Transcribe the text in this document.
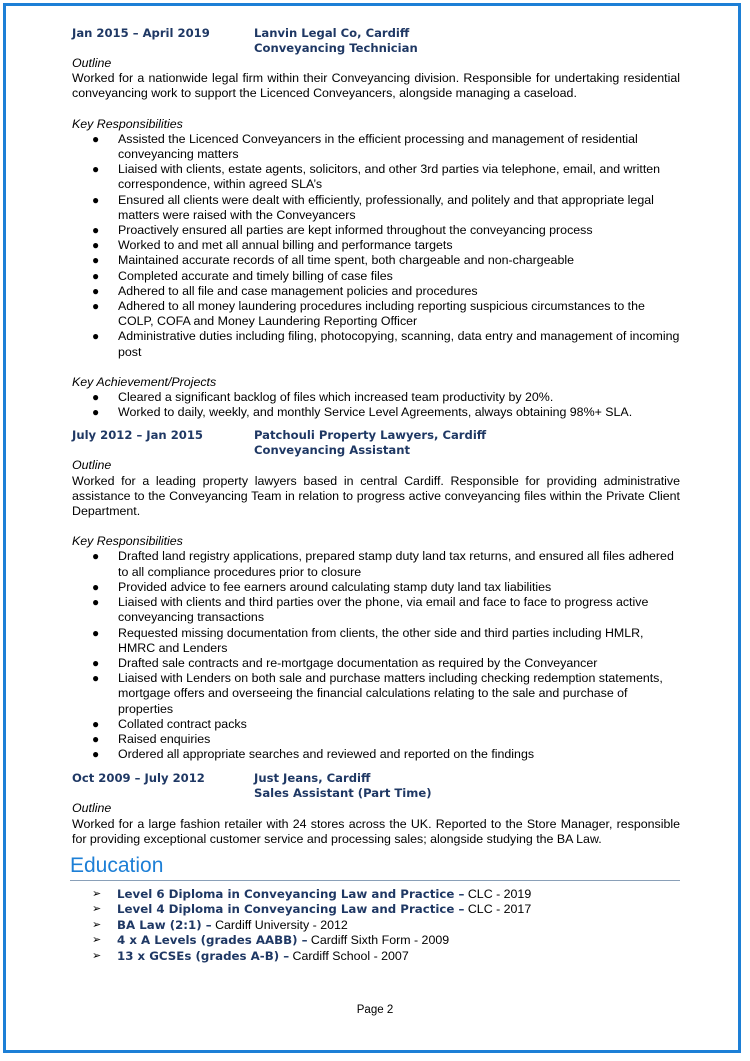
Jan 2015 – April 2019	Lanvin Legal Co, Cardiff
Conveyancing Technician
Outline
Worked for a nationwide legal firm within their Conveyancing division. Responsible for undertaking residential conveyancing work to support the Licenced Conveyancers, alongside managing a caseload.
Key Responsibilities
● Assisted the Licenced Conveyancers in the efficient processing and management of residential conveyancing matters
● Liaised with clients, estate agents, solicitors, and other 3rd parties via telephone, email, and written correspondence, within agreed SLA’s
● Ensured all clients were dealt with efficiently, professionally, and politely and that appropriate legal matters were raised with the Conveyancers
● Proactively ensured all parties are kept informed throughout the conveyancing process
● Worked to and met all annual billing and performance targets
● Maintained accurate records of all time spent, both chargeable and non-chargeable
● Completed accurate and timely billing of case files
● Adhered to all file and case management policies and procedures
● Adhered to all money laundering procedures including reporting suspicious circumstances to the COLP, COFA and Money Laundering Reporting Officer
● Administrative duties including filing, photocopying, scanning, data entry and management of incoming post
Key Achievement/Projects
● Cleared a significant backlog of files which increased team productivity by 20%.
● Worked to daily, weekly, and monthly Service Level Agreements, always obtaining 98%+ SLA.
July 2012 – Jan 2015	Patchouli Property Lawyers, Cardiff
Conveyancing Assistant
Outline
Worked for a leading property lawyers based in central Cardiff. Responsible for providing administrative assistance to the Conveyancing Team in relation to progress active conveyancing files within the Private Client Department.
Key Responsibilities
● Drafted land registry applications, prepared stamp duty land tax returns, and ensured all files adhered to all compliance procedures prior to closure
● Provided advice to fee earners around calculating stamp duty land tax liabilities
● Liaised with clients and third parties over the phone, via email and face to face to progress active conveyancing transactions
● Requested missing documentation from clients, the other side and third parties including HMLR, HMRC and Lenders
● Drafted sale contracts and re-mortgage documentation as required by the Conveyancer
● Liaised with Lenders on both sale and purchase matters including checking redemption statements, mortgage offers and overseeing the financial calculations relating to the sale and purchase of properties
● Collated contract packs
● Raised enquiries
● Ordered all appropriate searches and reviewed and reported on the findings
Oct 2009 – July 2012	Just Jeans, Cardiff
Sales Assistant (Part Time)
Outline
Worked for a large fashion retailer with 24 stores across the UK. Reported to the Store Manager, responsible for providing exceptional customer service and processing sales; alongside studying the BA Law.
Education
➢ Level 6 Diploma in Conveyancing Law and Practice – CLC - 2019
➢ Level 4 Diploma in Conveyancing Law and Practice – CLC - 2017
➢ BA Law (2:1) – Cardiff University - 2012
➢ 4 x A Levels (grades AABB) – Cardiff Sixth Form - 2009
➢ 13 x GCSEs (grades A-B) – Cardiff School - 2007
Page 2
